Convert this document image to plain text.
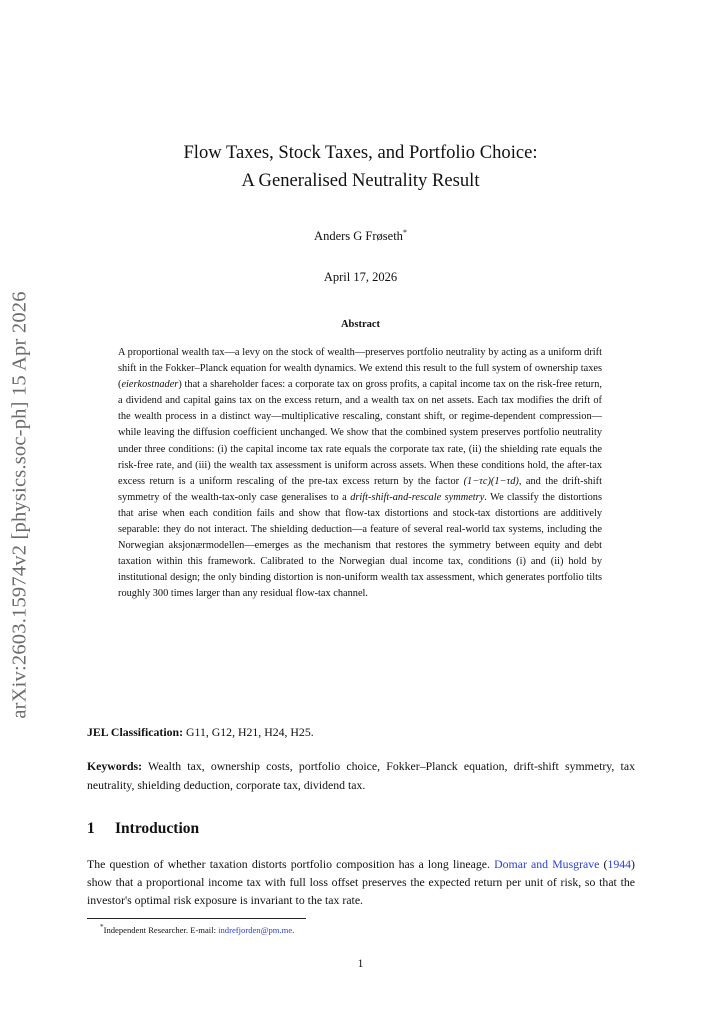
arXiv:2603.15974v2 [physics.soc-ph] 15 Apr 2026
Flow Taxes, Stock Taxes, and Portfolio Choice:
A Generalised Neutrality Result
Anders G Frøseth*
April 17, 2026
Abstract
A proportional wealth tax—a levy on the stock of wealth—preserves portfolio neutrality by acting as a uniform drift shift in the Fokker–Planck equation for wealth dynamics. We extend this result to the full system of ownership taxes (eierkostnader) that a shareholder faces: a corporate tax on gross profits, a capital income tax on the risk-free return, a dividend and capital gains tax on the excess return, and a wealth tax on net assets. Each tax modifies the drift of the wealth process in a distinct way—multiplicative rescaling, constant shift, or regime-dependent compression—while leaving the diffusion coefficient unchanged. We show that the combined system preserves portfolio neutrality under three conditions: (i) the capital income tax rate equals the corporate tax rate, (ii) the shielding rate equals the risk-free rate, and (iii) the wealth tax assessment is uniform across assets. When these conditions hold, the after-tax excess return is a uniform rescaling of the pre-tax excess return by the factor (1−τc)(1−τd), and the drift-shift symmetry of the wealth-tax-only case generalises to a drift-shift-and-rescale symmetry. We classify the distortions that arise when each condition fails and show that flow-tax distortions and stock-tax distortions are additively separable: they do not interact. The shielding deduction—a feature of several real-world tax systems, including the Norwegian aksjonærmodellen—emerges as the mechanism that restores the symmetry between equity and debt taxation within this framework. Calibrated to the Norwegian dual income tax, conditions (i) and (ii) hold by institutional design; the only binding distortion is non-uniform wealth tax assessment, which generates portfolio tilts roughly 300 times larger than any residual flow-tax channel.
JEL Classification: G11, G12, H21, H24, H25.
Keywords: Wealth tax, ownership costs, portfolio choice, Fokker–Planck equation, drift-shift symmetry, tax neutrality, shielding deduction, corporate tax, dividend tax.
1 Introduction
The question of whether taxation distorts portfolio composition has a long lineage. Domar and Musgrave (1944) show that a proportional income tax with full loss offset preserves the expected return per unit of risk, so that the investor's optimal risk exposure is invariant to the tax rate.
*Independent Researcher. E-mail: indrefjorden@pm.me.
1
